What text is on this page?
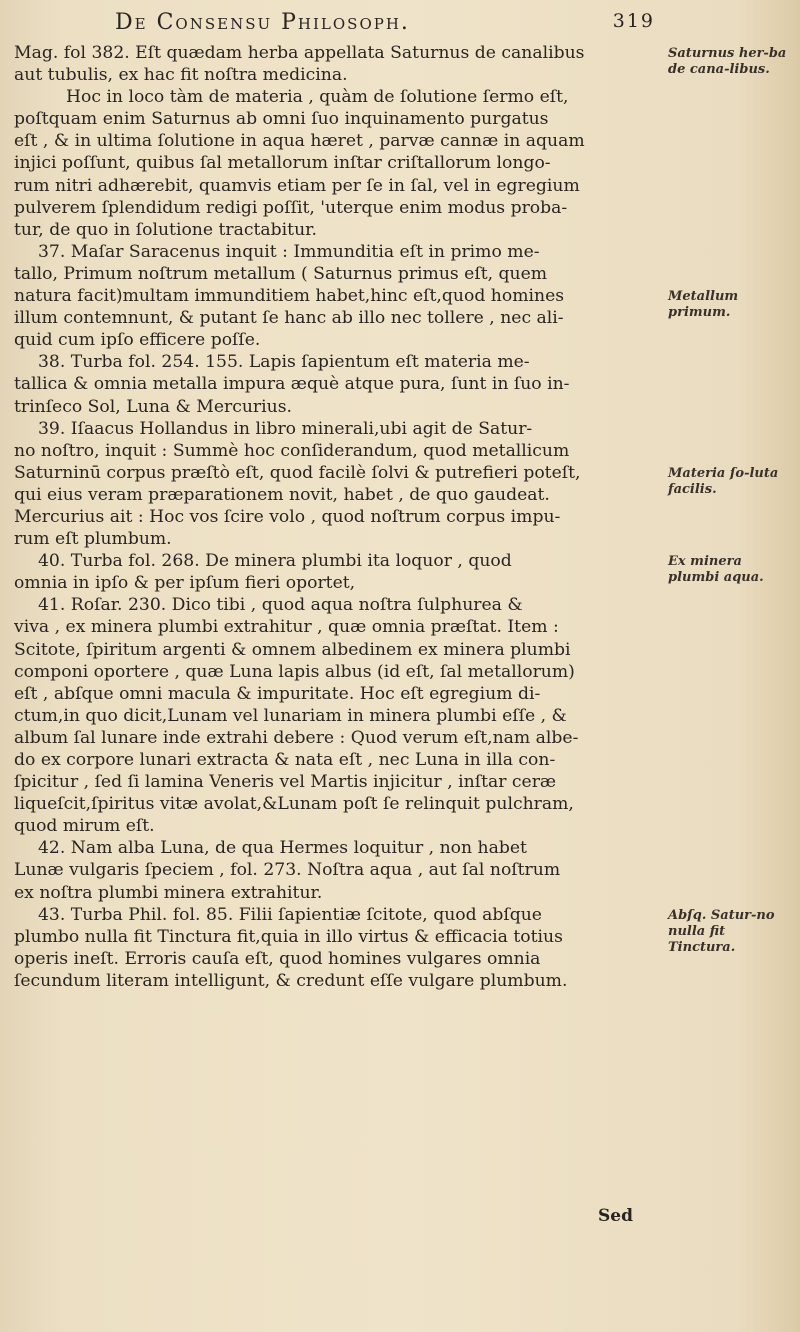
De Consensu Philosoph.	319
Mag. fol 382. Eſt quædam herba appellata Saturnus de canalibus
aut tubulis, ex hac fit noſtra medicina.
Hoc in loco tàm de materia , quàm de ſolutione ſermo eſt,
poſtquam enim Saturnus ab omni ſuo inquinamento purgatus
eſt , & in ultima ſolutione in aqua hæret , parvæ cannæ in aquam
injici poſſunt, quibus ſal metallorum inſtar criſtallorum longo-
rum nitri adhærebit, quamvis etiam per ſe in ſal, vel in egregium
pulverem ſplendidum redigi poſſit, 'uterque enim modus proba-
tur, de quo in ſolutione tractabitur.
37. Maſar Saracenus inquit : Immunditia eſt in primo me-
tallo, Primum noſtrum metallum ( Saturnus primus eſt, quem
natura facit)multam immunditiem habet,hinc eſt,quod homines
illum contemnunt, & putant ſe hanc ab illo nec tollere , nec ali-
quid cum ipſo efficere poſſe.
38. Turba fol. 254. 155. Lapis ſapientum eſt materia me-
tallica & omnia metalla impura æquè atque pura, ſunt in ſuo in-
trinſeco Sol, Luna & Mercurius.
39. Iſaacus Hollandus in libro minerali,ubi agit de Satur-
no noſtro, inquit : Summè hoc conſiderandum, quod metallicum
Saturninū corpus præſtò eſt, quod facilè ſolvi & putrefieri poteſt,
qui eius veram præparationem novit, habet , de quo gaudeat.
Mercurius ait : Hoc vos ſcire volo , quod noſtrum corpus impu-
rum eſt plumbum.
40. Turba fol. 268. De minera plumbi ita loquor , quod
omnia in ipſo & per ipſum fieri oportet,
41. Roſar. 230. Dico tibi , quod aqua noſtra ſulphurea &
viva , ex minera plumbi extrahitur , quæ omnia præſtat. Item :
Scitote, ſpiritum argenti & omnem albedinem ex minera plumbi
componi oportere , quæ Luna lapis albus (id eſt, ſal metallorum)
eſt , abſque omni macula & impuritate. Hoc eſt egregium di-
ctum,in quo dicit,Lunam vel lunariam in minera plumbi eſſe , &
album ſal lunare inde extrahi debere : Quod verum eſt,nam albe-
do ex corpore lunari extracta & nata eſt , nec Luna in illa con-
ſpicitur , ſed ſi lamina Veneris vel Martis injicitur , inſtar ceræ
liqueſcit,ſpiritus vitæ avolat,&Lunam poſt ſe relinquit pulchram,
quod mirum eſt.
42. Nam alba Luna, de qua Hermes loquitur , non habet
Lunæ vulgaris ſpeciem , fol. 273. Noſtra aqua , aut ſal noſtrum
ex noſtra plumbi minera extrahitur.
43. Turba Phil. fol. 85. Filii ſapientiæ ſcitote, quod abſque
plumbo nulla fit Tinctura fit,quia in illo virtus & efficacia totius
operis ineſt. Erroris cauſa eſt, quod homines vulgares omnia
ſecundum literam intelligunt, & credunt eſſe vulgare plumbum.
Saturnus her-ba de cana-libus.
Metallum primum.
Materia ſo-luta facilis.
Ex minera plumbi aqua.
Abſq. Satur-no nulla fit Tinctura.
Sed
